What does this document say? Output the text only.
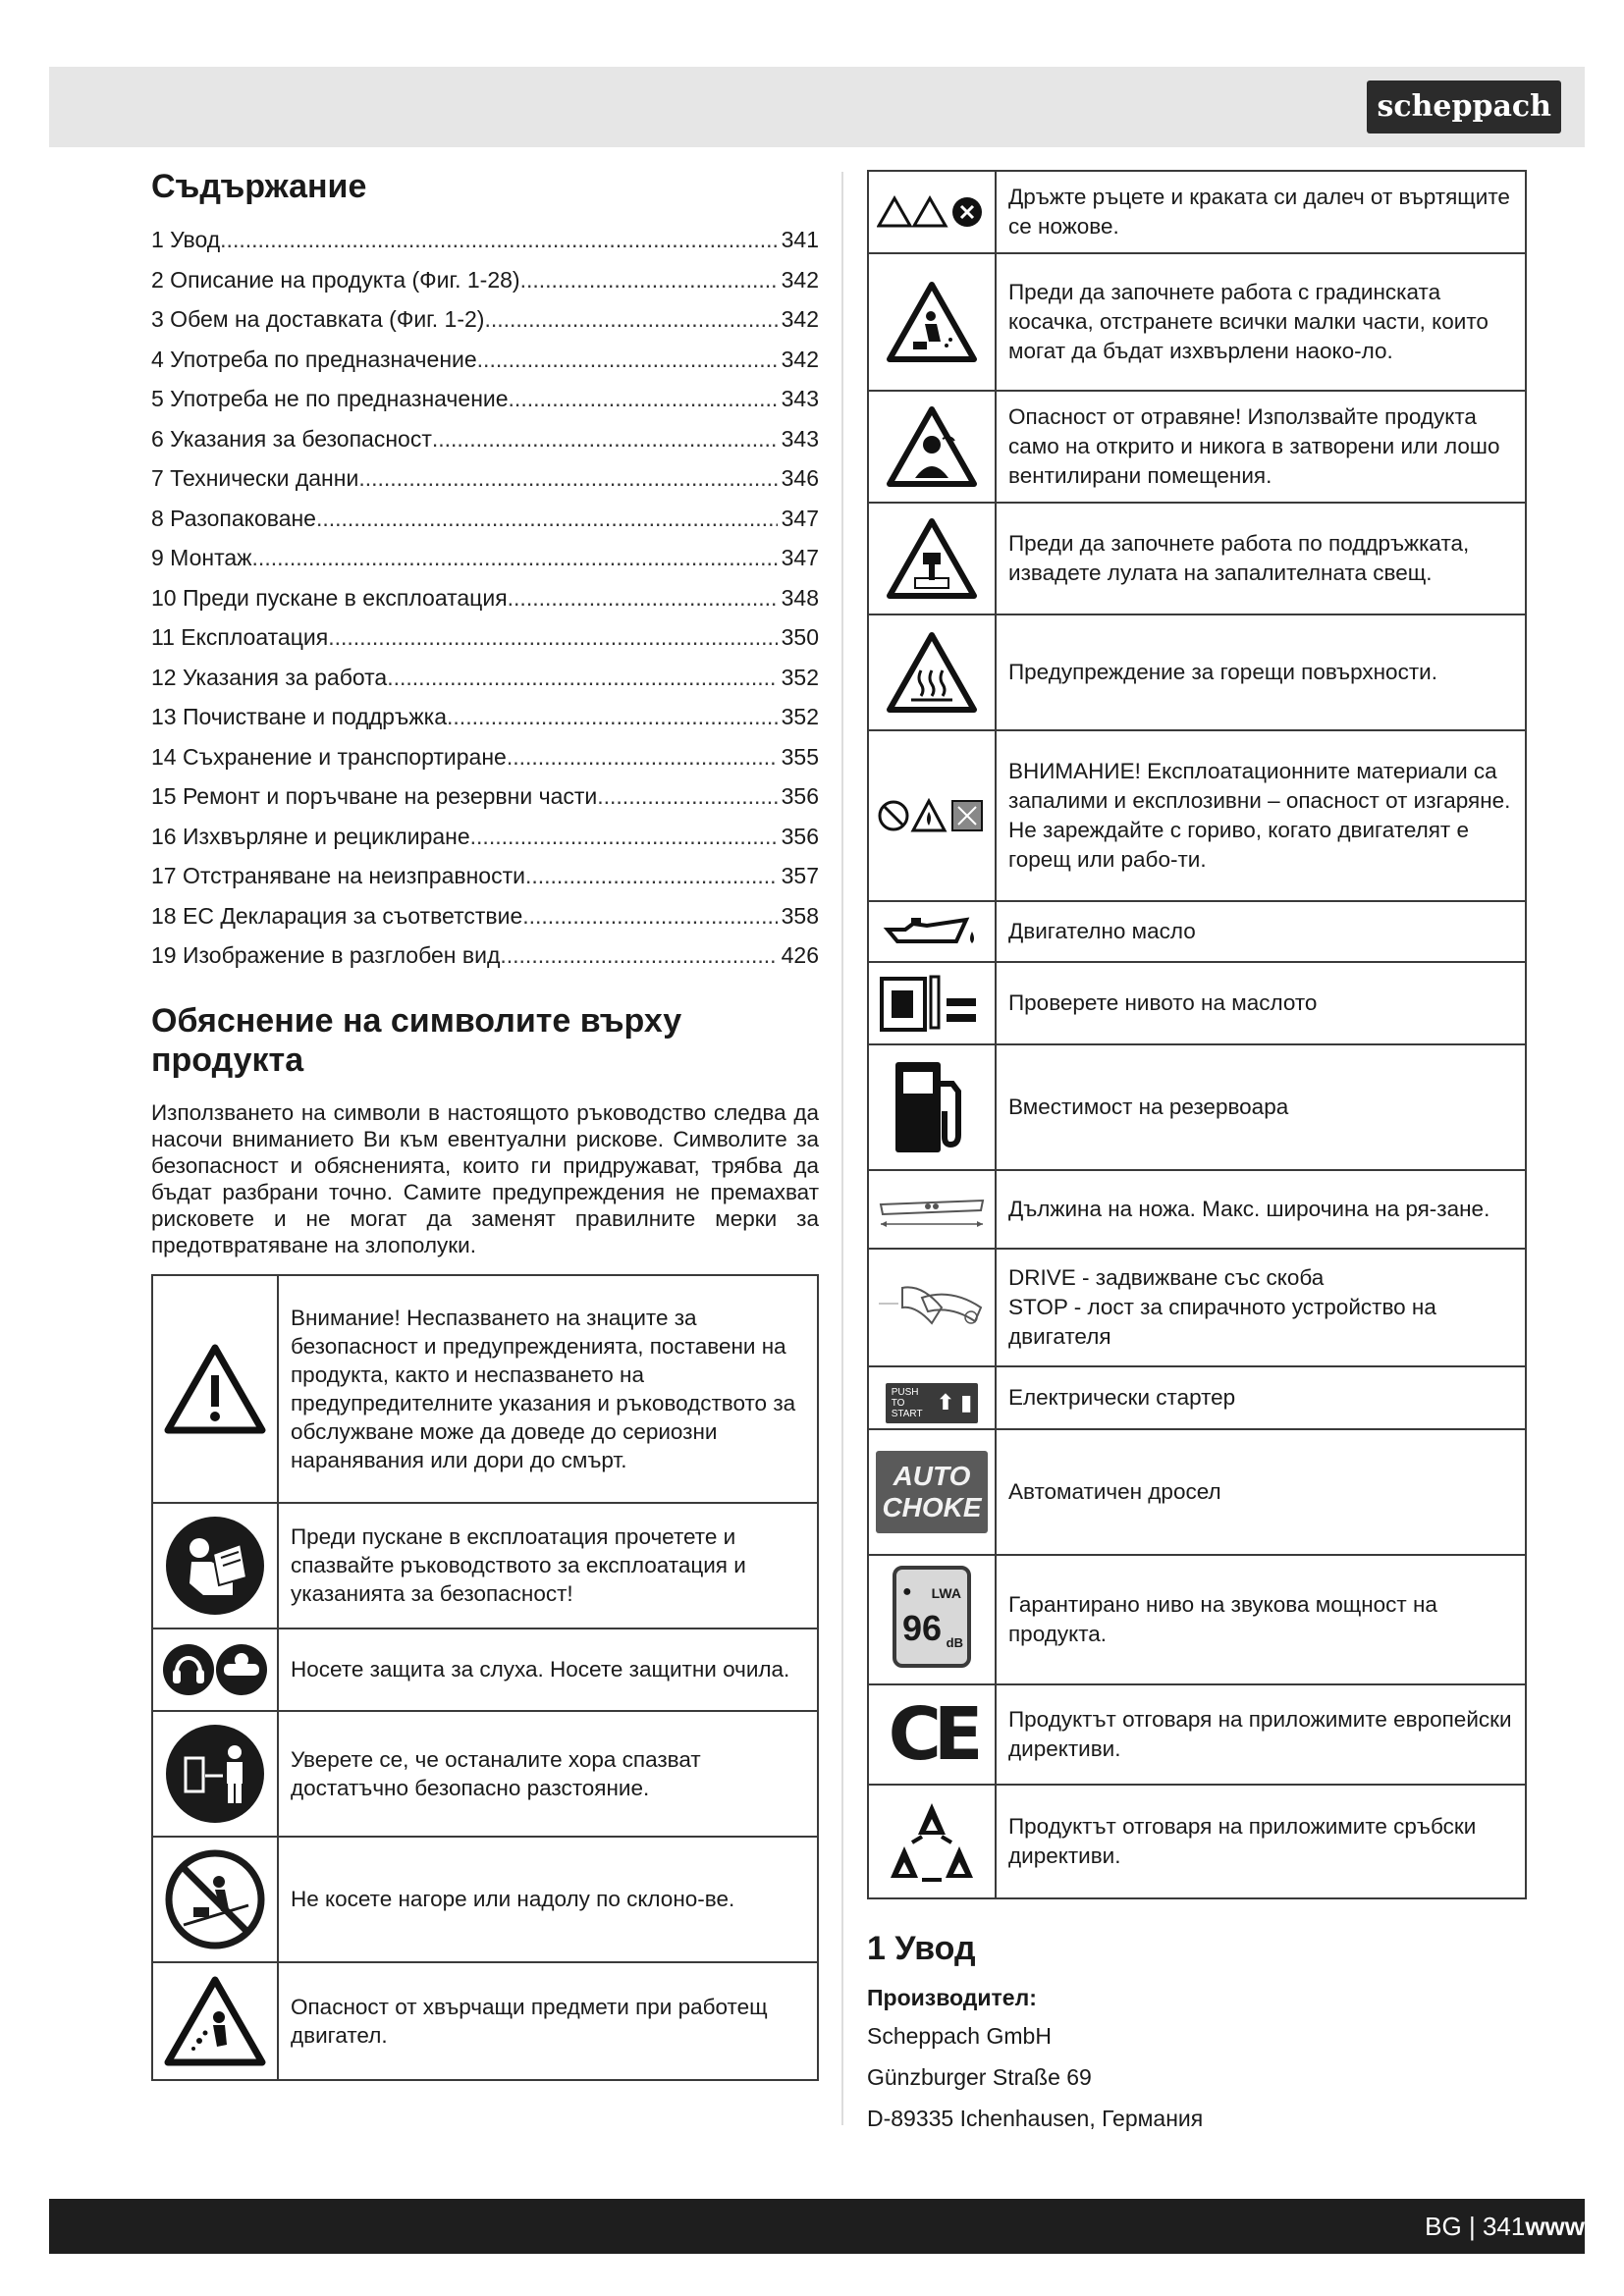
scheppach
Съдържание
1 Увод .....	341
2 Описание на продукта (Фиг. 1-28) .....	342
3 Обем на доставката (Фиг. 1-2) .....	342
4 Употреба по предназначение .....	342
5 Употреба не по предназначение .....	343
6 Указания за безопасност .....	343
7 Технически данни .....	346
8 Разопаковане .....	347
9 Монтаж .....	347
10 Преди пускане в експлоатация .....	348
11 Експлоатация .....	350
12 Указания за работа .....	352
13 Почистване и поддръжка .....	352
14 Съхранение и транспортиране .....	355
15 Ремонт и поръчване на резервни части .....	356
16 Изхвърляне и рециклиране .....	356
17 Отстраняване на неизправности .....	357
18 ЕС Декларация за съответствие .....	358
19 Изображение в разглобен вид .....	426
Обяснение на символите върху
продукта
Използването на символи в настоящото ръководство следва да насочи вниманието Ви към евентуални рискове. Символите за безопасност и обясненията, които ги придружават, трябва да бъдат разбрани точно. Самите предупреждения не премахват рисковете и не могат да заменят правилните мерки за предотвратяване на злополуки.
	Внимание! Неспазването на знаците за безопасност и предупрежденията, поставени на продукта, както и неспазването на предупредителните указания и ръководството за обслужване може да доведе до сериозни наранявания или дори до смърт.

	Преди пускане в експлоатация прочетете и спазвайте ръководството за експлоатация и указанията за безопасност!

	Носете защита за слуха. Носете защитни очила.

	Уверете се, че останалите хора спазват достатъчно безопасно разстояние.

	Не косете нагоре или надолу по склоно-ве.

	Опасност от хвърчащи предмети при работещ двигател.
	Дръжте ръцете и краката си далеч от въртящите се ножове.

	Преди да започнете работа с градинската косачка, отстранете всички малки части, които могат да бъдат изхвърлени наоко-ло.

	Опасност от отравяне! Използвайте продукта само на открито и никога в затворени или лошо вентилирани помещения.

	Преди да започнете работа по поддръжката, извадете лулата на запалителната свещ.

	Предупреждение за горещи повърхности.

	ВНИМАНИЕ! Експлоатационните материали са запалими и експлозивни – опасност от изгаряне. Не зареждайте с гориво, когато двигателят е горещ или рабо-ти.

	Двигателно масло

	Проверете нивото на маслото

	Вместимост на резервоара

	Дължина на ножа. Макс. широчина на ря-зане.

	DRIVE - задвижване със скоба
STOP - лост за спирачното устройство на двигателя

PUSH TO START ⬆ ▮	Електрически стартер
AUTO
CHOKE	Автоматичен дросел

● LWA
96 dB	Гарантирано ниво на звукова мощност на продукта.

CE	Продуктът отговаря на приложимите европейски директиви.

	Продуктът отговаря на приложимите сръбски директиви.
1 Увод
Производител:
Scheppach GmbH
Günzburger Straße 69
D-89335 Ichenhausen, Германия
BG | 341www
